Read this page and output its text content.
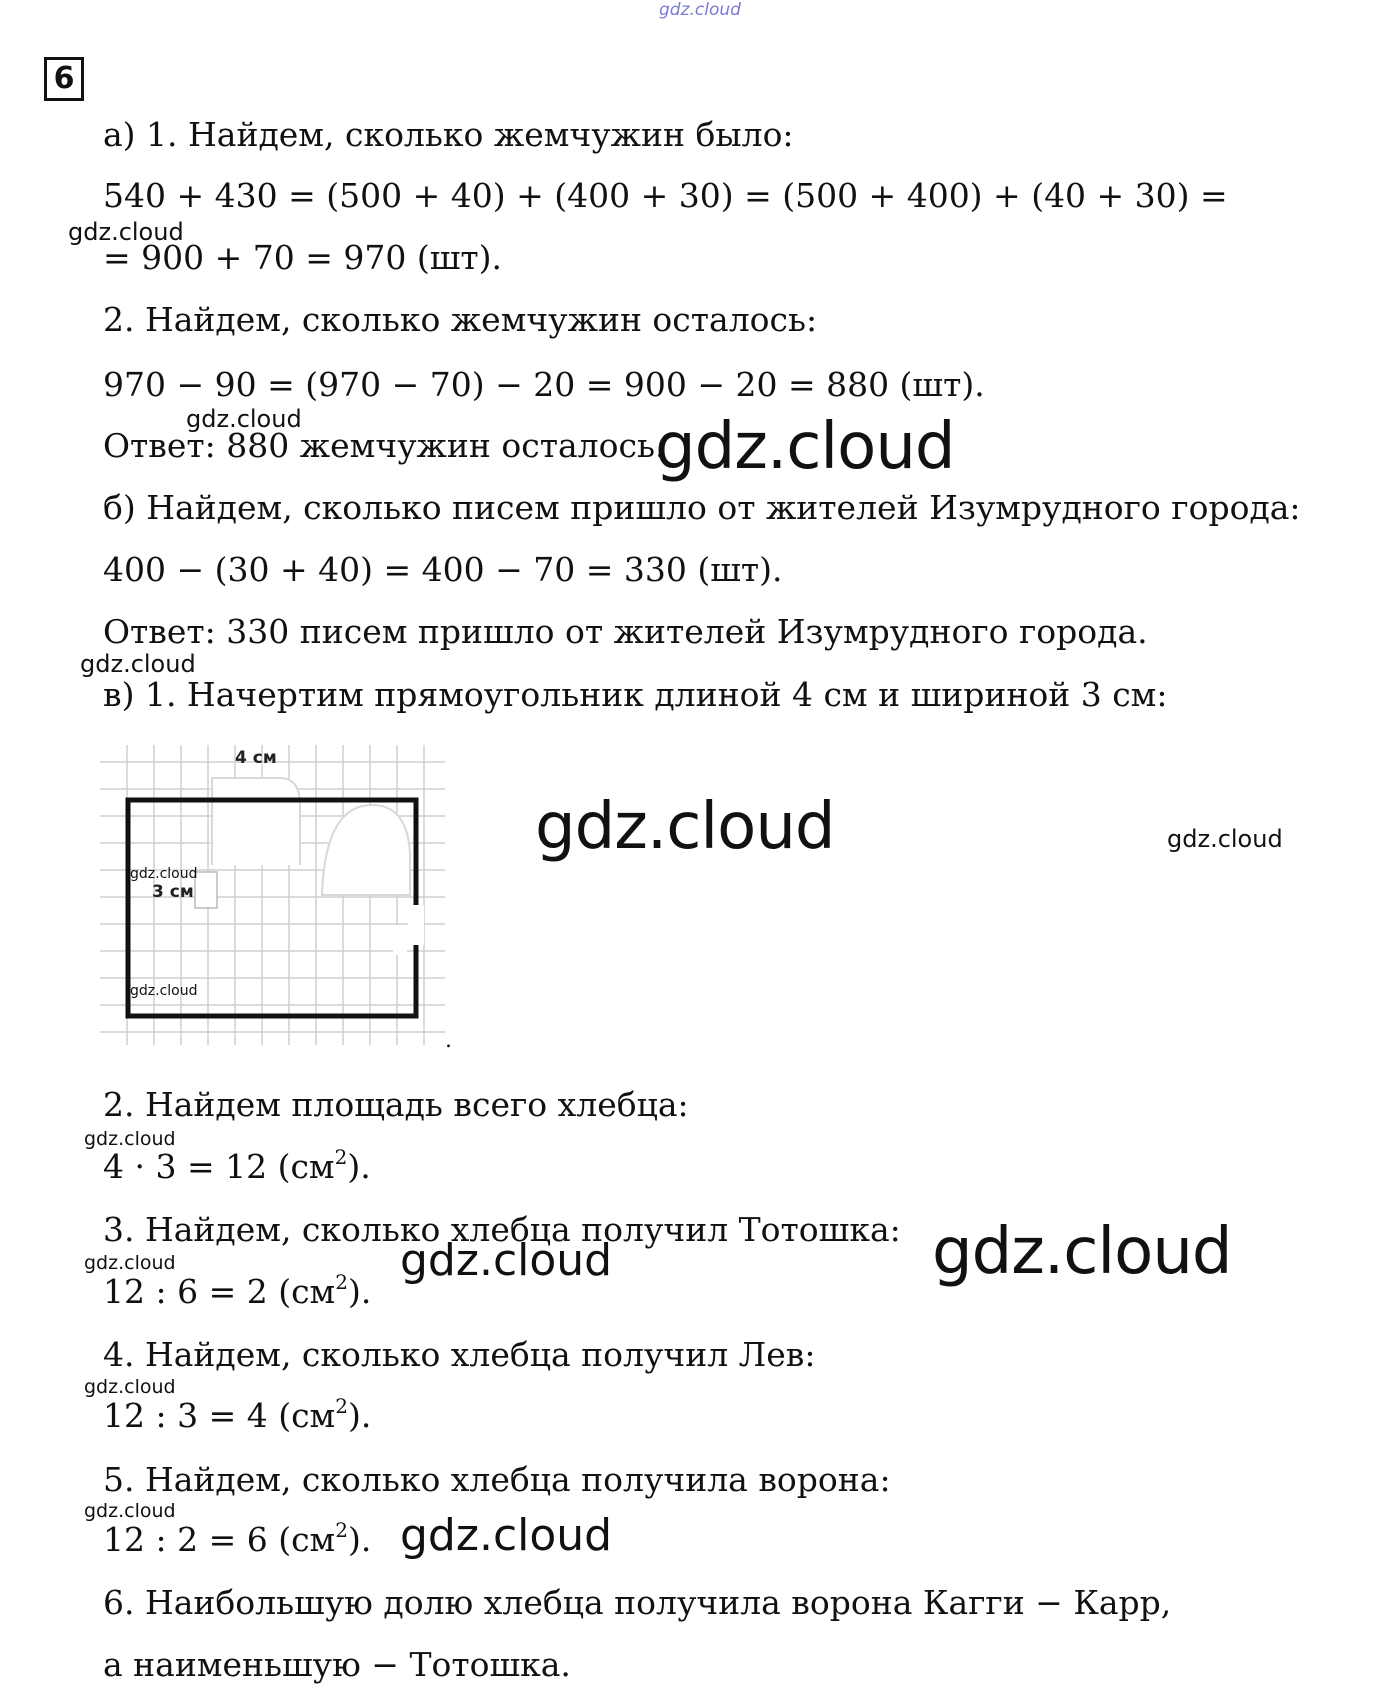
gdz.cloud
6
а) 1. Найдем, сколько жемчужин было:
540 + 430 = (500 + 40) + (400 + 30) = (500 + 400) + (40 + 30) =
gdz.cloud
= 900 + 70 = 970 (шт).
2. Найдем, сколько жемчужин осталось:
970 − 90 = (970 − 70) − 20 = 900 − 20 = 880 (шт).
gdz.cloud
Ответ: 880 жемчужин осталось.
gdz.cloud
б) Найдем, сколько писем пришло от жителей Изумрудного города:
400 − (30 + 40) = 400 − 70 = 330 (шт).
Ответ: 330 писем пришло от жителей Изумрудного города.
gdz.cloud
в) 1. Начертим прямоугольник длиной 4 см и шириной 3 см:
4 см
3 см
gdz.cloud
gdz.cloud
.
gdz.cloud	gdz.cloud
2. Найдем площадь всего хлебца:
gdz.cloud
4 · 3 = 12 $(см^2)$.
3. Найдем, сколько хлебца получил Тотошка:
gdz.cloud
12 : 6 = 2 $(см^2)$.
gdz.cloud	gdz.cloud
4. Найдем, сколько хлебца получил Лев:
gdz.cloud
12 : 3 = 4 $(см^2)$.
5. Найдем, сколько хлебца получила ворона:
gdz.cloud
12 : 2 = 6 $(см^2)$. gdz.cloud
6. Наибольшую долю хлебца получила ворона Кагги − Карр,
а наименьшую − Тотошка.
